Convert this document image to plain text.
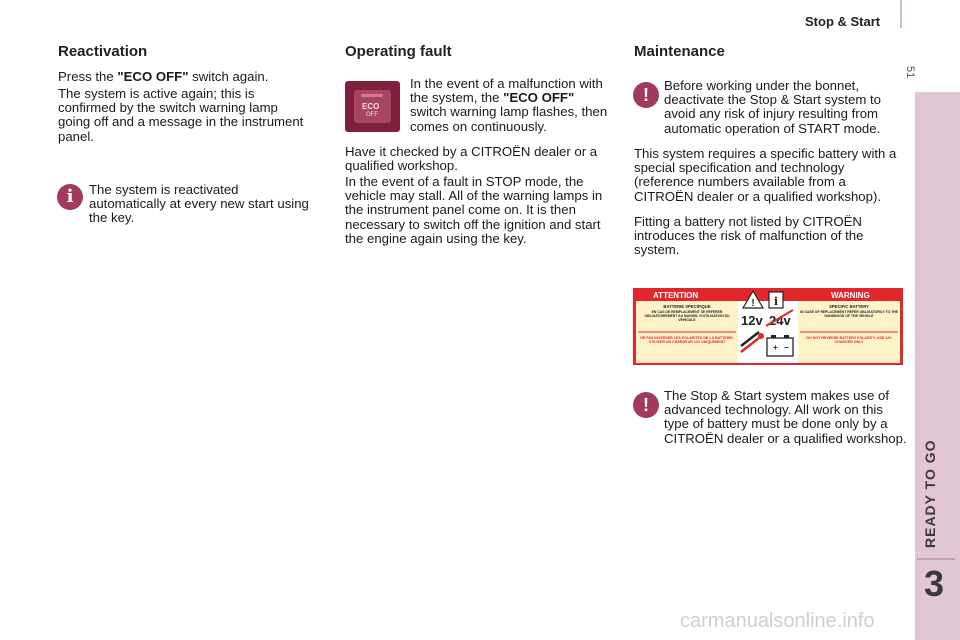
Stop & Start
51
READY TO GO
3
Reactivation

Press the "ECO OFF" switch again.

The system is active again; this is confirmed by the switch warning lamp going off and a message in the instrument panel.

i	The system is reactivated automatically at every new start using the key.

Operating fault
ECO
OFF

In the event of a malfunction with the system, the "ECO OFF" switch warning lamp flashes, then comes on continuously.

Have it checked by a CITROËN dealer or a qualified workshop.

In the event of a fault in STOP mode, the vehicle may stall. All of the warning lamps in the instrument panel come on. It is then necessary to switch off the ignition and start the engine again using the key.

Maintenance
!	Before working under the bonnet, deactivate the Stop & Start system to avoid any risk of injury resulting from automatic operation of START mode.

This system requires a specific battery with a special specification and technology (reference numbers available from a CITROËN dealer or a qualified workshop).

Fitting a battery not listed by CITROËN introduces the risk of malfunction of the system.

ATTENTION	WARNING
BATTERIE SPECIFIQUE	SPECIFIC BATTERY
EN CAS DE REMPLACEMENT SE REFERER OBLIGATOIREMENT AU MANUEL D'UTILISATION DU VEHICULE
IN CASE OF REPLACEMENT REFER OBLIGATORILY TO THE HANDBOOK OF THE VEHICLE
NE PAS INVERSER LES POLARITES DE LA BATTERIE, UTILISER UN CHARGEUR 12V UNIQUEMENT
DO NOT REVERSE BATTERY POLARITY, USE 12V CHARGER ONLY
! i
12v 24v
+ −
!	The Stop & Start system makes use of advanced technology. All work on this type of battery must be done only by a CITROËN dealer or a qualified workshop.

carmanualsonline.info
